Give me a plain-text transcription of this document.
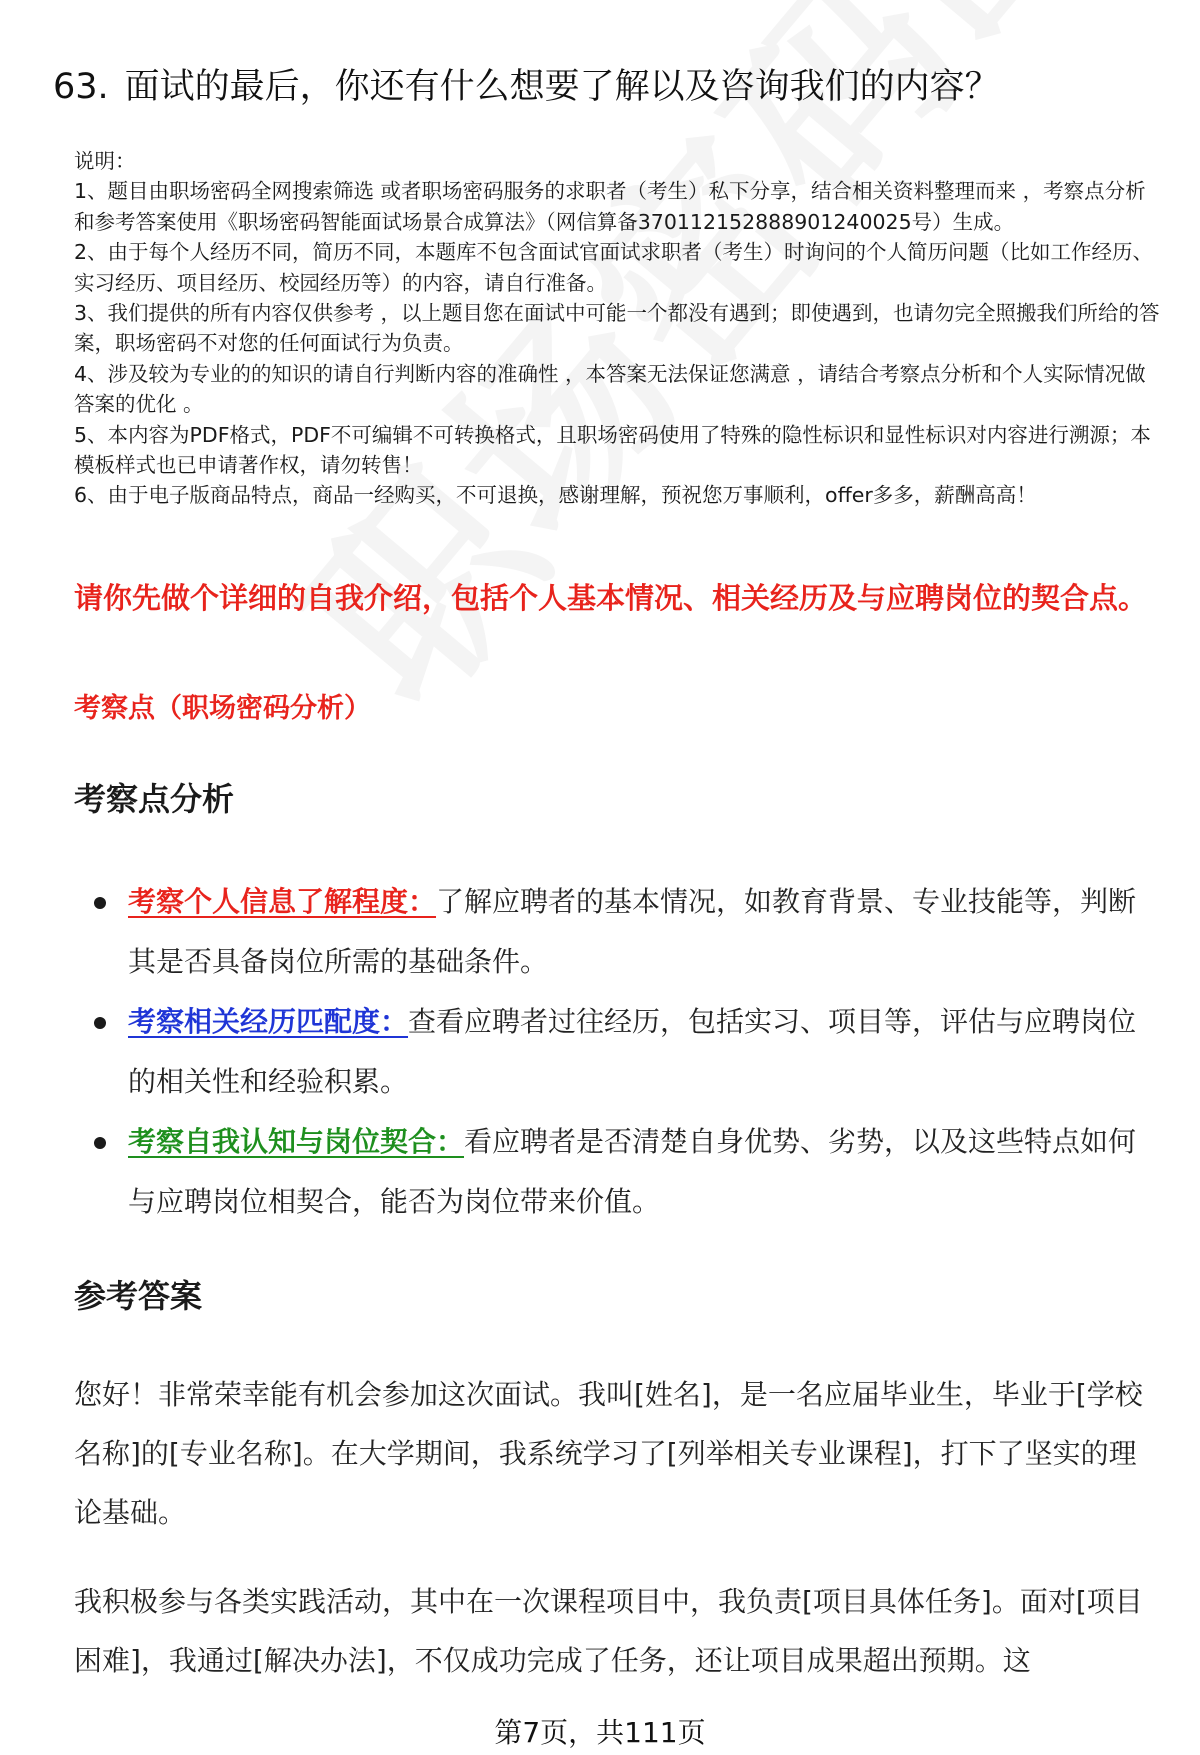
63. 面试的最后，你还有什么想要了解以及咨询我们的内容？

说明：

1、题目由职场密码全网搜索筛选 或者职场密码服务的求职者（考生）私下分享，结合相关资料整理而来 ，考察点分析和参考答案使用《职场密码智能面试场景合成算法》（网信算备370112152888901240025号）生成。

2、由于每个人经历不同，简历不同，本题库不包含面试官面试求职者（考生）时询问的个人简历问题（比如工作经历、实习经历、项目经历、校园经历等）的内容，请自行准备。

3、我们提供的所有内容仅供参考 ，以上题目您在面试中可能一个都没有遇到；即使遇到，也请勿完全照搬我们所给的答案，职场密码不对您的任何面试行为负责。

4、涉及较为专业的的知识的请自行判断内容的准确性 ，本答案无法保证您满意 ，请结合考察点分析和个人实际情况做答案的优化 。

5、本内容为PDF格式，PDF不可编辑不可转换格式，且职场密码使用了特殊的隐性标识和显性标识对内容进行溯源；本模板样式也已申请著作权，请勿转售！

6、由于电子版商品特点，商品一经购买，不可退换，感谢理解，预祝您万事顺利，offer多多，薪酬高高！

请你先做个详细的自我介绍，包括个人基本情况、相关经历及与应聘岗位的契合点。

考察点（职场密码分析）

考察点分析
考察个人信息了解程度：了解应聘者的基本情况，如教育背景、专业技能等，判断其是否具备岗位所需的基础条件。
考察相关经历匹配度：查看应聘者过往经历，包括实习、项目等，评估与应聘岗位的相关性和经验积累。
考察自我认知与岗位契合：看应聘者是否清楚自身优势、劣势，以及这些特点如何与应聘岗位相契合，能否为岗位带来价值。
参考答案

您好！非常荣幸能有机会参加这次面试。我叫[姓名]，是一名应届毕业生，毕业于[学校名称]的[专业名称]。在大学期间，我系统学习了[列举相关专业课程]，打下了坚实的理论基础。

我积极参与各类实践活动，其中在一次课程项目中，我负责[项目具体任务]。面对[项目困难]，我通过[解决办法]，不仅成功完成了任务，还让项目成果超出预期。这

第7页，共111页
